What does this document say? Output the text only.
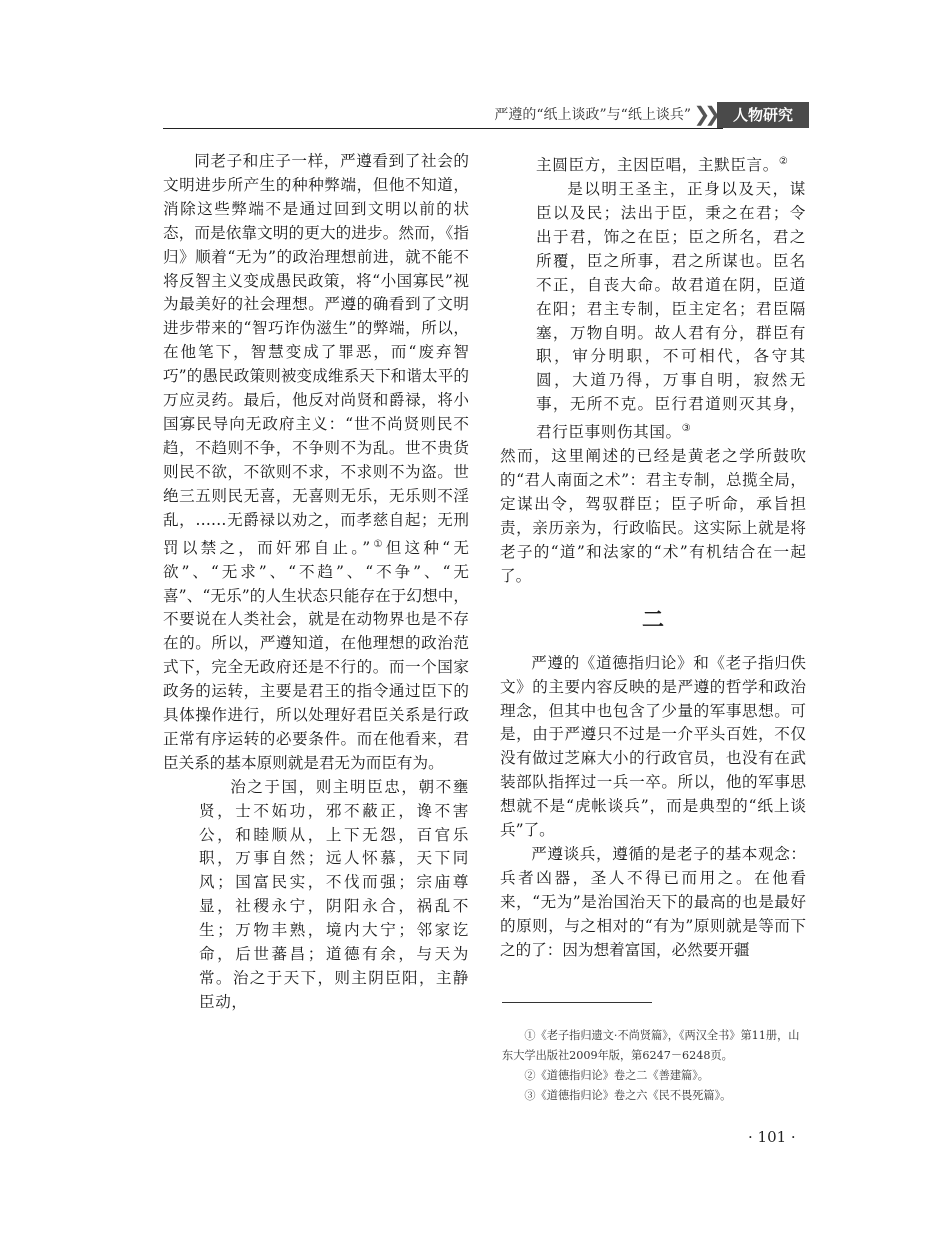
严遵的“纸上谈政”与“纸上谈兵” ❯❯	人物研究

同老子和庄子一样，严遵看到了社会的文明进步所产生的种种弊端，但他不知道，消除这些弊端不是通过回到文明以前的状态，而是依靠文明的更大的进步。然而，《指归》顺着“无为”的政治理想前进，就不能不将反智主义变成愚民政策，将“小国寡民”视为最美好的社会理想。严遵的确看到了文明进步带来的“智巧诈伪滋生”的弊端，所以，在他笔下，智慧变成了罪恶，而“废弃智巧”的愚民政策则被变成维系天下和谐太平的万应灵药。最后，他反对尚贤和爵禄，将小国寡民导向无政府主义：“世不尚贤则民不趋，不趋则不争，不争则不为乱。世不贵货则民不欲，不欲则不求，不求则不为盗。世绝三五则民无喜，无喜则无乐，无乐则不淫乱，……无爵禄以劝之，而孝慈自起；无刑罚以禁之，而奸邪自止。”①但这种“无欲”、“无求”、“不趋”、“不争”、“无喜”、“无乐”的人生状态只能存在于幻想中，不要说在人类社会，就是在动物界也是不存在的。所以，严遵知道，在他理想的政治范式下，完全无政府还是不行的。而一个国家政务的运转，主要是君王的指令通过臣下的具体操作进行，所以处理好君臣关系是行政正常有序运转的必要条件。而在他看来，君臣关系的基本原则就是君无为而臣有为。

治之于国，则主明臣忠，朝不壅贤，士不妬功，邪不蔽正，谗不害公，和睦顺从，上下无怨，百官乐职，万事自然；远人怀慕，天下同风；国富民实，不伐而强；宗庙尊显，社稷永宁，阴阳永合，祸乱不生；万物丰熟，境内大宁；邻家讫命，后世蕃昌；道德有余，与天为常。治之于天下，则主阴臣阳，主静臣动，

主圆臣方，主因臣唱，主默臣言。②

是以明王圣主，正身以及天，谋臣以及民；法出于臣，秉之在君；令出于君，饰之在臣；臣之所名，君之所覆，臣之所事，君之所谋也。臣名不正，自丧大命。故君道在阴，臣道在阳；君主专制，臣主定名；君臣隔塞，万物自明。故人君有分，群臣有职，审分明职，不可相代，各守其圆，大道乃得，万事自明，寂然无事，无所不克。臣行君道则灭其身，君行臣事则伤其国。③

然而，这里阐述的已经是黄老之学所鼓吹的“君人南面之术”：君主专制，总揽全局，定谋出令，驾驭群臣；臣子听命，承旨担责，亲历亲为，行政临民。这实际上就是将老子的“道”和法家的“术”有机结合在一起了。

二

严遵的《道德指归论》和《老子指归佚文》的主要内容反映的是严遵的哲学和政治理念，但其中也包含了少量的军事思想。可是，由于严遵只不过是一介平头百姓，不仅没有做过芝麻大小的行政官员，也没有在武装部队指挥过一兵一卒。所以，他的军事思想就不是“虎帐谈兵”，而是典型的“纸上谈兵”了。

严遵谈兵，遵循的是老子的基本观念：兵者凶器，圣人不得已而用之。在他看来，“无为”是治国治天下的最高的也是最好的原则，与之相对的“有为”原则就是等而下之的了：因为想着富国，必然要开疆

①《老子指归遗文·不尚贤篇》，《两汉全书》第11册，山东大学出版社2009年版，第6247－6248页。

②《道德指归论》卷之二《善建篇》。

③《道德指归论》卷之六《民不畏死篇》。

· 101 ·
